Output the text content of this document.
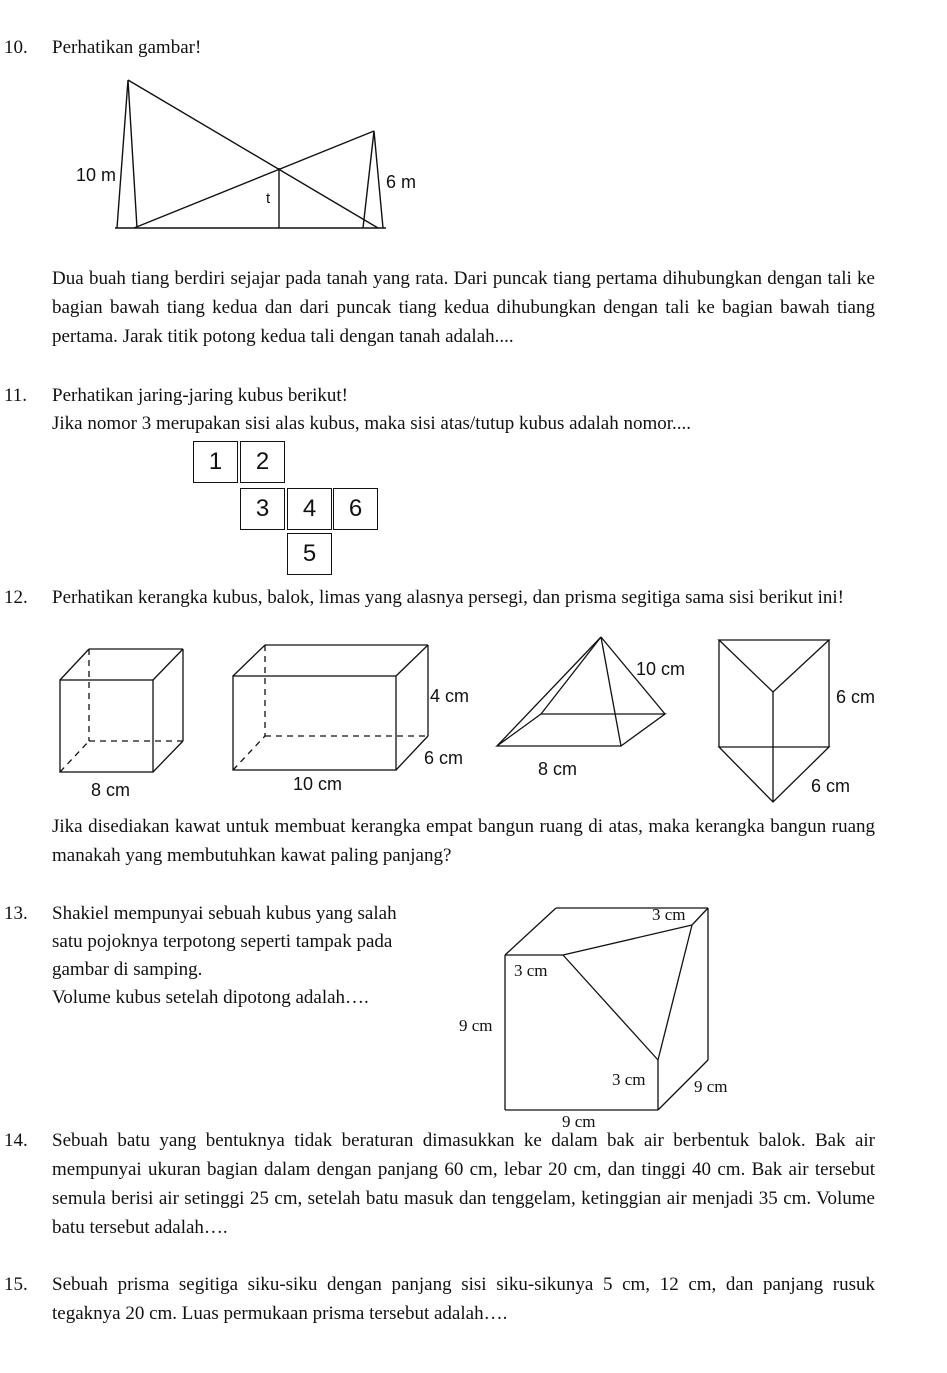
10. Perhatikan gambar!
10 m	6 m
t
Dua buah tiang berdiri sejajar pada tanah yang rata. Dari puncak tiang pertama dihubungkan dengan tali ke bagian bawah tiang kedua dan dari puncak tiang kedua dihubungkan dengan tali ke bagian bawah tiang pertama. Jarak titik potong kedua tali dengan tanah adalah....
11. Perhatikan jaring-jaring kubus berikut!
Jika nomor 3 merupakan sisi alas kubus, maka sisi atas/tutup kubus adalah nomor....
1	2
3	4	6
5
12. Perhatikan kerangka kubus, balok, limas yang alasnya persegi, dan prisma segitiga sama sisi berikut ini!
8 cm
4 cm
6 cm
10 cm
10 cm
8 cm
6 cm
6 cm
Jika disediakan kawat untuk membuat kerangka empat bangun ruang di atas, maka kerangka bangun ruang manakah yang membutuhkan kawat paling panjang?
13. Shakiel mempunyai sebuah kubus yang salah
satu pojoknya terpotong seperti tampak pada
gambar di samping.
Volume kubus setelah dipotong adalah….
3 cm
3 cm
9 cm
3 cm	9 cm
9 cm
14. Sebuah batu yang bentuknya tidak beraturan dimasukkan ke dalam bak air berbentuk balok. Bak air mempunyai ukuran bagian dalam dengan panjang 60 cm, lebar 20 cm, dan tinggi 40 cm. Bak air tersebut semula berisi air setinggi 25 cm, setelah batu masuk dan tenggelam, ketinggian air menjadi 35 cm. Volume batu tersebut adalah….
15. Sebuah prisma segitiga siku-siku dengan panjang sisi siku-sikunya 5 cm, 12 cm, dan panjang rusuk tegaknya 20 cm. Luas permukaan prisma tersebut adalah….
